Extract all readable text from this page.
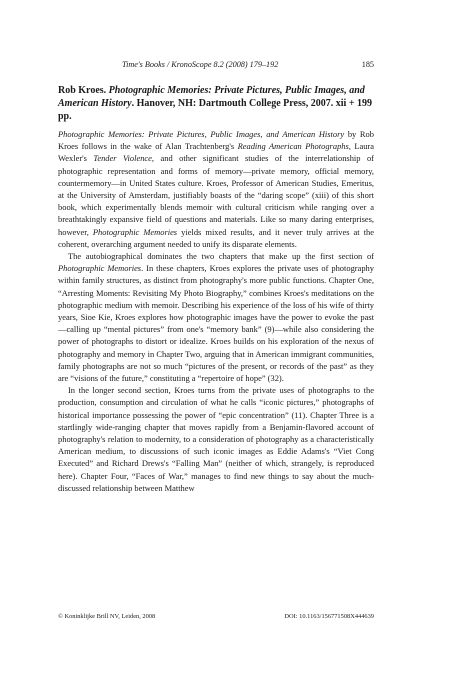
Time's Books / KronoScope 8.2 (2008) 179–192	185
Rob Kroes. Photographic Memories: Private Pictures, Public Images, and American History. Hanover, NH: Dartmouth College Press, 2007. xii + 199 pp.

Photographic Memories: Private Pictures, Public Images, and American History by Rob Kroes follows in the wake of Alan Trachtenberg's Reading American Photographs, Laura Wexler's Tender Violence, and other significant studies of the interrelationship of photographic representation and forms of memory—private memory, official memory, countermemory—in United States culture. Kroes, Professor of American Studies, Emeritus, at the University of Amsterdam, justifiably boasts of the “daring scope” (xiii) of this short book, which experimentally blends memoir with cultural criticism while ranging over a breathtakingly expansive field of questions and materials. Like so many daring enterprises, however, Photographic Memories yields mixed results, and it never truly arrives at the coherent, overarching argument needed to unify its disparate elements.

The autobiographical dominates the two chapters that make up the first section of Photographic Memories. In these chapters, Kroes explores the private uses of photography within family structures, as distinct from photography's more public functions. Chapter One, “Arresting Moments: Revisiting My Photo Biography,” combines Kroes's meditations on the photographic medium with memoir. Describing his experience of the loss of his wife of thirty years, Sioe Kie, Kroes explores how photographic images have the power to evoke the past—calling up “mental pictures” from one's “memory bank” (9)—while also considering the power of photographs to distort or idealize. Kroes builds on his exploration of the nexus of photography and memory in Chapter Two, arguing that in American immigrant communities, family photographs are not so much “pictures of the present, or records of the past” as they are “visions of the future,” constituting a “repertoire of hope” (32).

In the longer second section, Kroes turns from the private uses of photographs to the production, consumption and circulation of what he calls “iconic pictures,” photographs of historical importance possessing the power of “epic concentration” (11). Chapter Three is a startlingly wide-ranging chapter that moves rapidly from a Benjamin-flavored account of photography's relation to modernity, to a consideration of photography as a characteristically American medium, to discussions of such iconic images as Eddie Adams's “Viet Cong Executed” and Richard Drews's “Falling Man” (neither of which, strangely, is reproduced here). Chapter Four, “Faces of War,” manages to find new things to say about the much-discussed relationship between Matthew

© Koninklijke Brill NV, Leiden, 2008	DOI: 10.1163/156771508X444639
